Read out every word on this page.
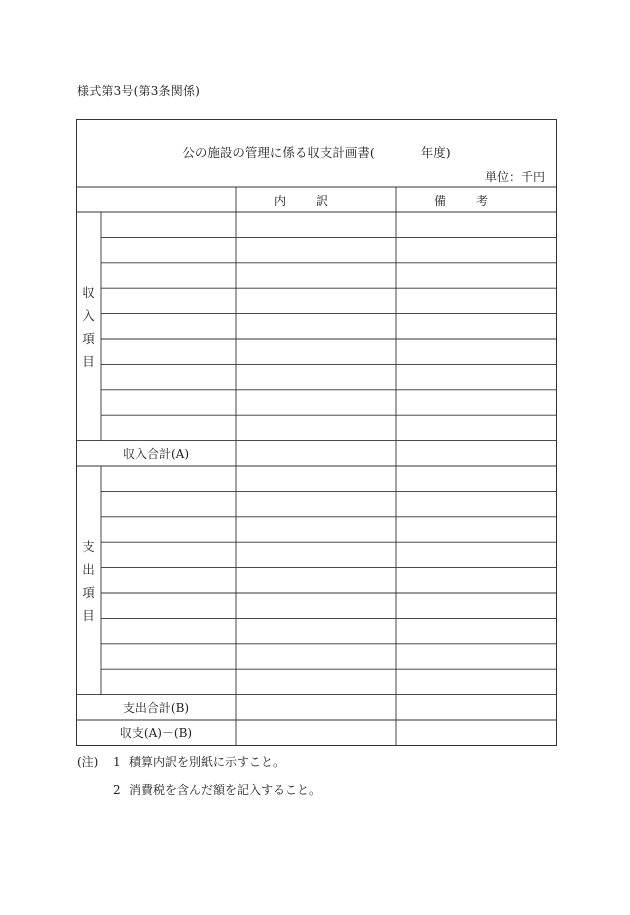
様式第3号(第3条関係)
公の施設の管理に係る収支計画書(	年度)
単位：千円
内訳	備考
収
入
項
目
収入合計(A)
支
出
項
目
支出合計(B)
収支(A)－(B)
(注) 1 積算内訳を別紙に示すこと。
2 消費税を含んだ額を記入すること。
